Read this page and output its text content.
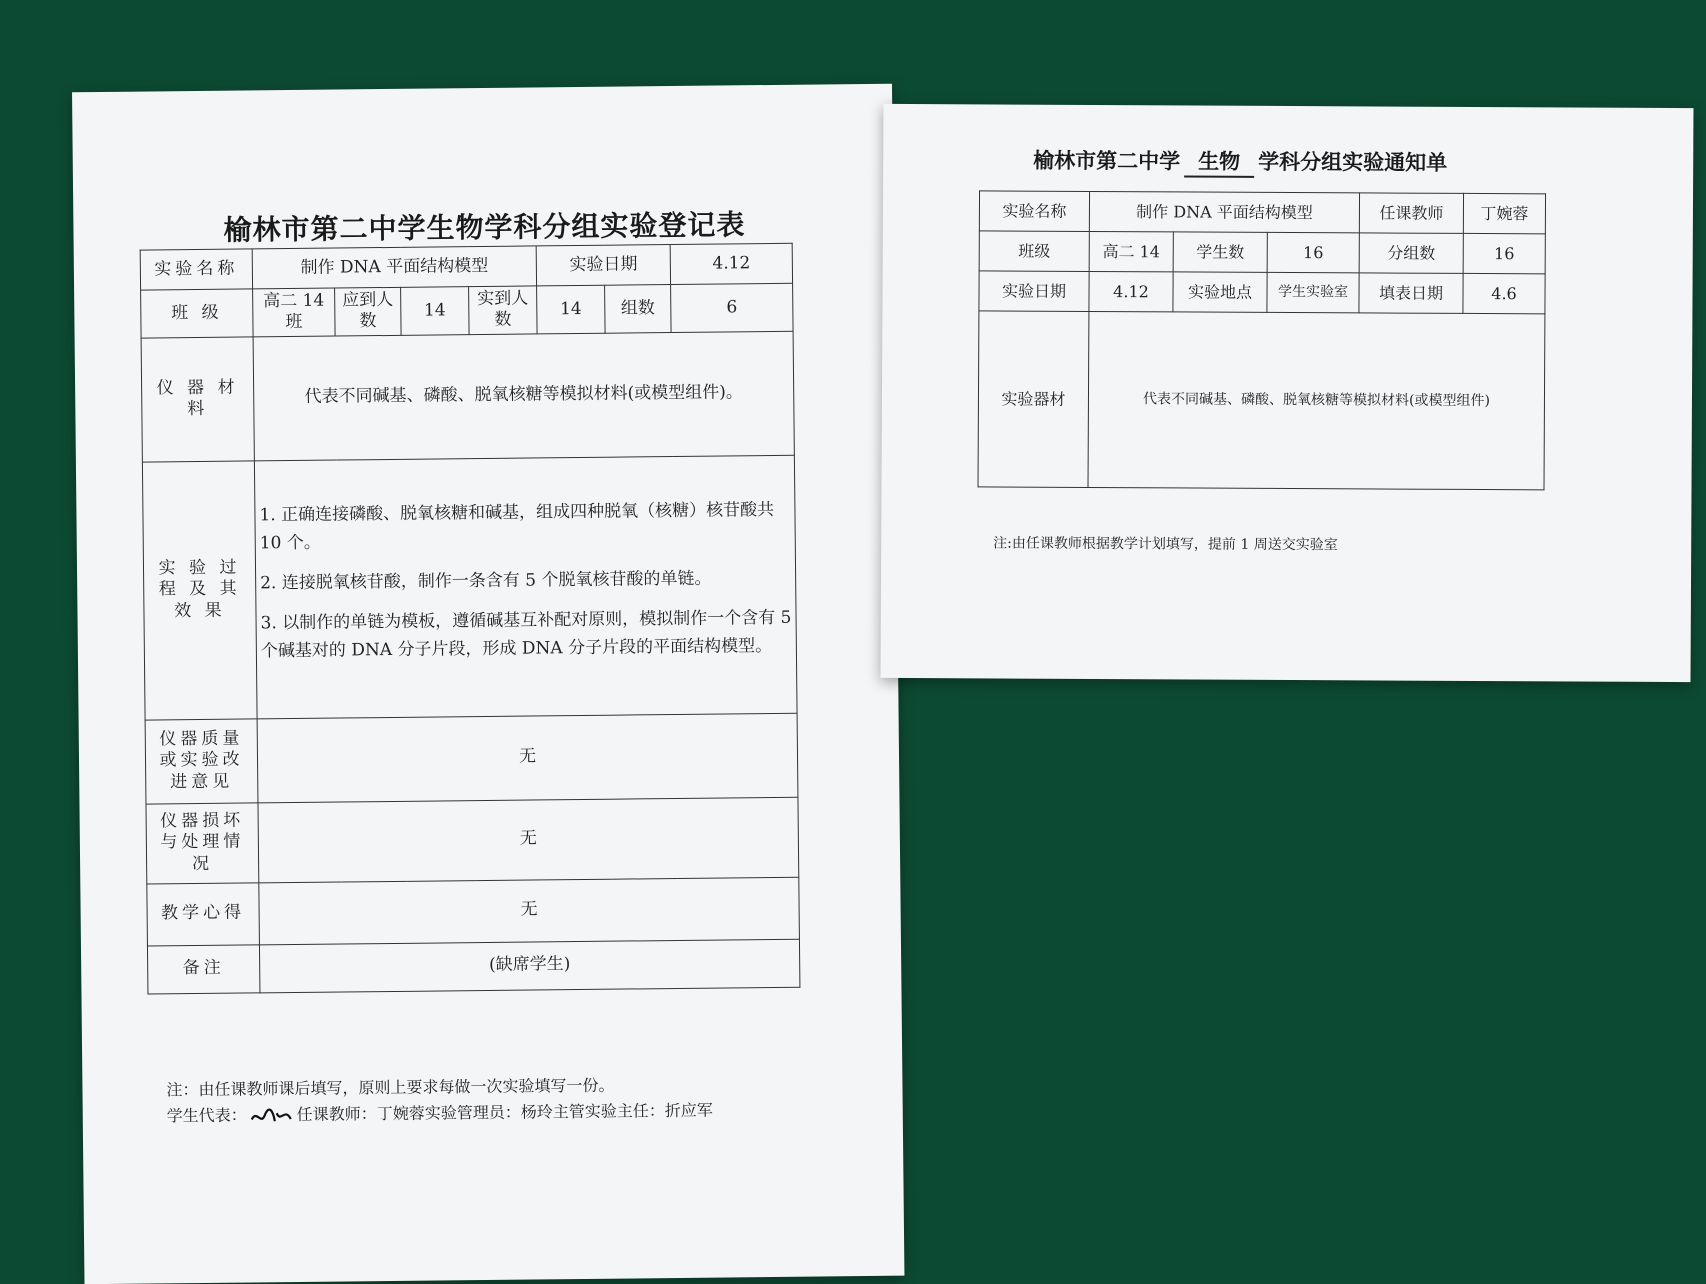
榆林市第二中学生物学科分组实验登记表
实验名称	制作 DNA 平面结构模型				实验日期		4.12
班 级	高二 14 班	应到人数	14	实到人数	14	组数	6
仪 器 材 料	代表不同碱基、磷酸、脱氧核糖等模拟材料(或模型组件)。						
实 验 过 程 及 其 效 果	1. 正确连接磷酸、脱氧核糖和碱基，组成四种脱氧（核糖）核苷酸共 10 个。

2. 连接脱氧核苷酸，制作一条含有 5 个脱氧核苷酸的单链。

3. 以制作的单链为模板，遵循碱基互补配对原则，模拟制作一个含有 5 个碱基对的 DNA 分子片段，形成 DNA 分子片段的平面结构模型。						

仪器质量或实验改进意见	无						
仪器损坏与处理情况	无						
教学心得	无						
备注	(缺席学生)						
注：由任课教师课后填写，原则上要求每做一次实验填写一份。
学生代表：	任课教师：丁婉蓉实验管理员：杨玲主管实验主任：折应军
榆林市第二中学 生物 学科分组实验通知单
实验名称	制作 DNA 平面结构模型			任课教师	丁婉蓉
班级	高二 14	学生数	16	分组数	16
实验日期	4.12	实验地点	学生实验室	填表日期	4.6
实验器材	代表不同碱基、磷酸、脱氧核糖等模拟材料(或模型组件)				
注:由任课教师根据教学计划填写，提前 1 周送交实验室
